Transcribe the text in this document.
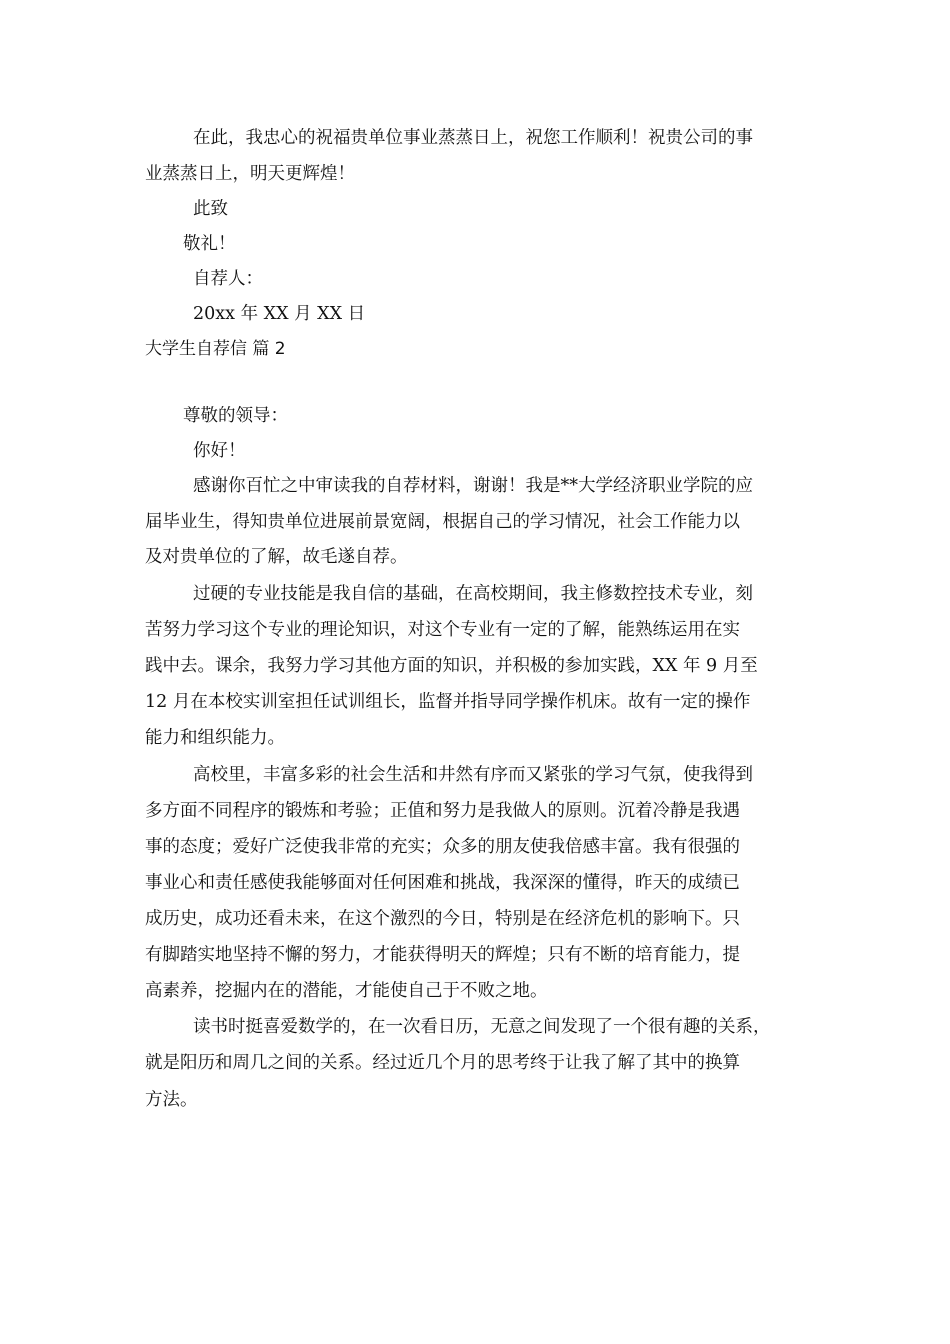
在此，我忠心的祝福贵单位事业蒸蒸日上，祝您工作顺利！祝贵公司的事
业蒸蒸日上，明天更辉煌！
此致
敬礼！
自荐人：
20xx 年 XX 月 XX 日
大学生自荐信 篇 2
尊敬的领导：
你好！
感谢你百忙之中审读我的自荐材料，谢谢！我是**大学经济职业学院的应
届毕业生，得知贵单位进展前景宽阔，根据自己的学习情况，社会工作能力以
及对贵单位的了解，故毛遂自荐。
过硬的专业技能是我自信的基础，在高校期间，我主修数控技术专业，刻
苦努力学习这个专业的理论知识，对这个专业有一定的了解，能熟练运用在实
践中去。课余，我努力学习其他方面的知识，并积极的参加实践，XX 年 9 月至
12 月在本校实训室担任试训组长，监督并指导同学操作机床。故有一定的操作
能力和组织能力。
高校里，丰富多彩的社会生活和井然有序而又紧张的学习气氛，使我得到
多方面不同程序的锻炼和考验；正值和努力是我做人的原则。沉着冷静是我遇
事的态度；爱好广泛使我非常的充实；众多的朋友使我倍感丰富。我有很强的
事业心和责任感使我能够面对任何困难和挑战，我深深的懂得，昨天的成绩已
成历史，成功还看未来，在这个激烈的今日，特别是在经济危机的影响下。只
有脚踏实地坚持不懈的努力，才能获得明天的辉煌；只有不断的培育能力，提
高素养，挖掘内在的潜能，才能使自己于不败之地。
读书时挺喜爱数学的，在一次看日历，无意之间发现了一个很有趣的关系，
就是阳历和周几之间的关系。经过近几个月的思考终于让我了解了其中的换算
方法。
